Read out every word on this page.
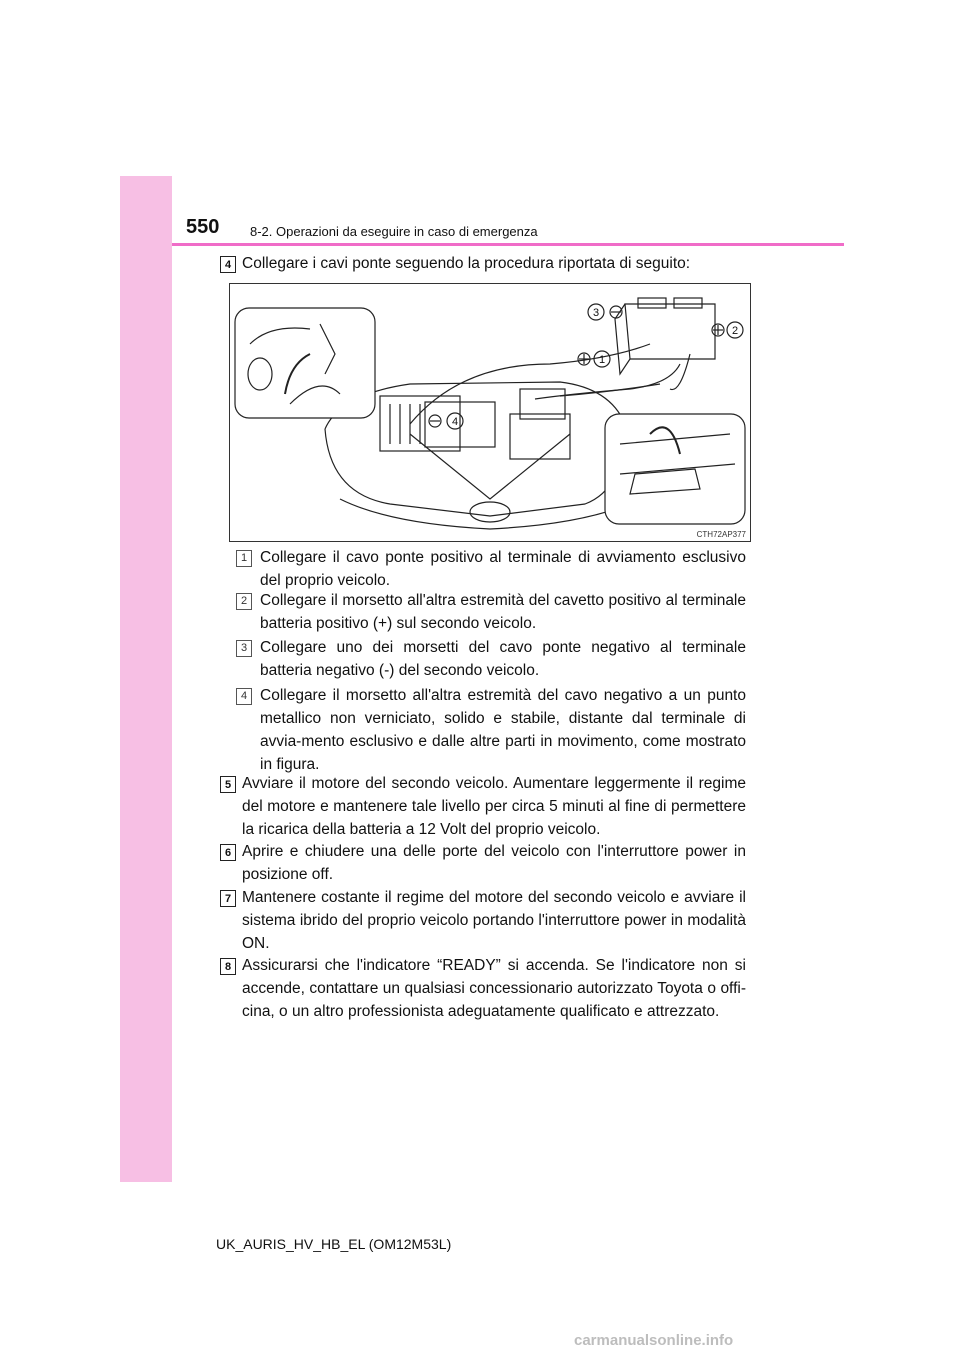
550 8-2. Operazioni da eseguire in caso di emergenza
4 Collegare i cavi ponte seguendo la procedura riportata di seguito:

3
2
1
4
CTH72AP377
1 Collegare il cavo ponte positivo al terminale di avviamento esclusivo del proprio veicolo.

2 Collegare il morsetto all'altra estremità del cavetto positivo al terminale batteria positivo (+) sul secondo veicolo.

3 Collegare uno dei morsetti del cavo ponte negativo al terminale batteria negativo (-) del secondo veicolo.

4 Collegare il morsetto all'altra estremità del cavo negativo a un punto metallico non verniciato, solido e stabile, distante dal terminale di avvia-mento esclusivo e dalle altre parti in movimento, come mostrato in figura.

5 Avviare il motore del secondo veicolo. Aumentare leggermente il regime del motore e mantenere tale livello per circa 5 minuti al fine di permettere la ricarica della batteria a 12 Volt del proprio veicolo.

6 Aprire e chiudere una delle porte del veicolo con l'interruttore power in posizione off.

7 Mantenere costante il regime del motore del secondo veicolo e avviare il sistema ibrido del proprio veicolo portando l'interruttore power in modalità ON.

8 Assicurarsi che l'indicatore “READY” si accenda. Se l'indicatore non si accende, contattare un qualsiasi concessionario autorizzato Toyota o offi-cina, o un altro professionista adeguatamente qualificato e attrezzato.

UK_AURIS_HV_HB_EL (OM12M53L)
carmanualsonline.info
